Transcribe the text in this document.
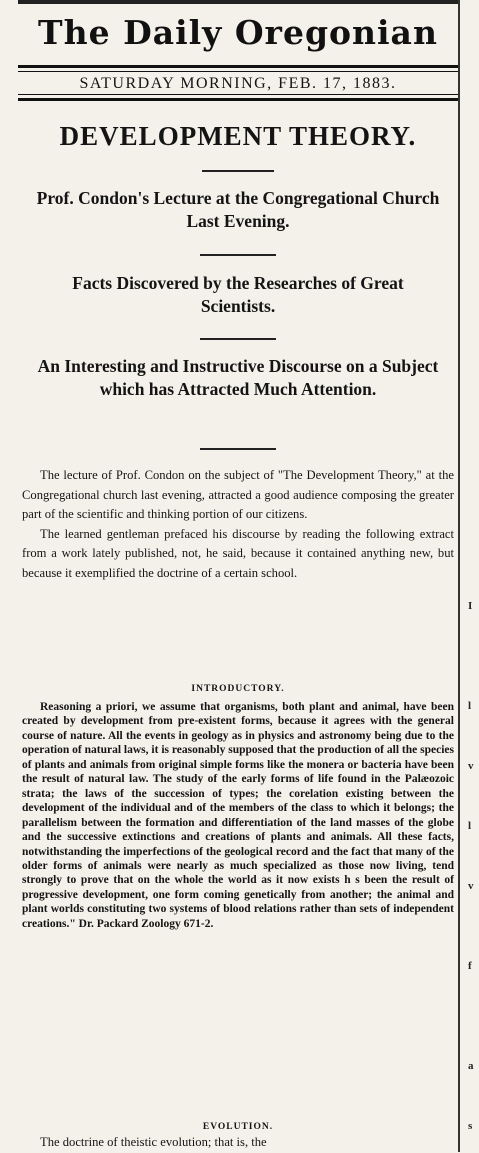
I
l
v
l
v
f
a
s
The Daily Oregonian
SATURDAY MORNING, FEB. 17, 1883.
DEVELOPMENT THEORY.
Prof. Condon's Lecture at the Congregational Church Last Evening.
Facts Discovered by the Researches of Great Scientists.
An Interesting and Instructive Discourse on a Subject which has Attracted Much Attention.

The lecture of Prof. Condon on the subject of "The Development Theory," at the Congregational church last evening, attracted a good audience composing the greater part of the scientific and thinking portion of our citizens.

The learned gentleman prefaced his discourse by reading the following extract from a work lately published, not, he said, because it contained anything new, but because it exemplified the doctrine of a certain school.

INTRODUCTORY.

Reasoning a priori, we assume that organisms, both plant and animal, have been created by development from pre-existent forms, because it agrees with the general course of nature. All the events in geology as in physics and astronomy being due to the operation of natural laws, it is reasonably supposed that the production of all the species of plants and animals from original simple forms like the monera or bacteria have been the result of natural law. The study of the early forms of life found in the Palæozoic strata; the laws of the succession of types; the corelation existing between the development of the individual and of the members of the class to which it belongs; the parallelism between the formation and differentiation of the land masses of the globe and the successive extinctions and creations of plants and animals. All these facts, notwithstanding the imperfections of the geological record and the fact that many of the older forms of animals were nearly as much specialized as those now living, tend strongly to prove that on the whole the world as it now exists h s been the result of progressive development, one form coming genetically from another; the animal and plant worlds constituting two systems of blood relations rather than sets of independent creations." Dr. Packard Zoology 671-2.

EVOLUTION.

The doctrine of theistic evolution; that is, the
